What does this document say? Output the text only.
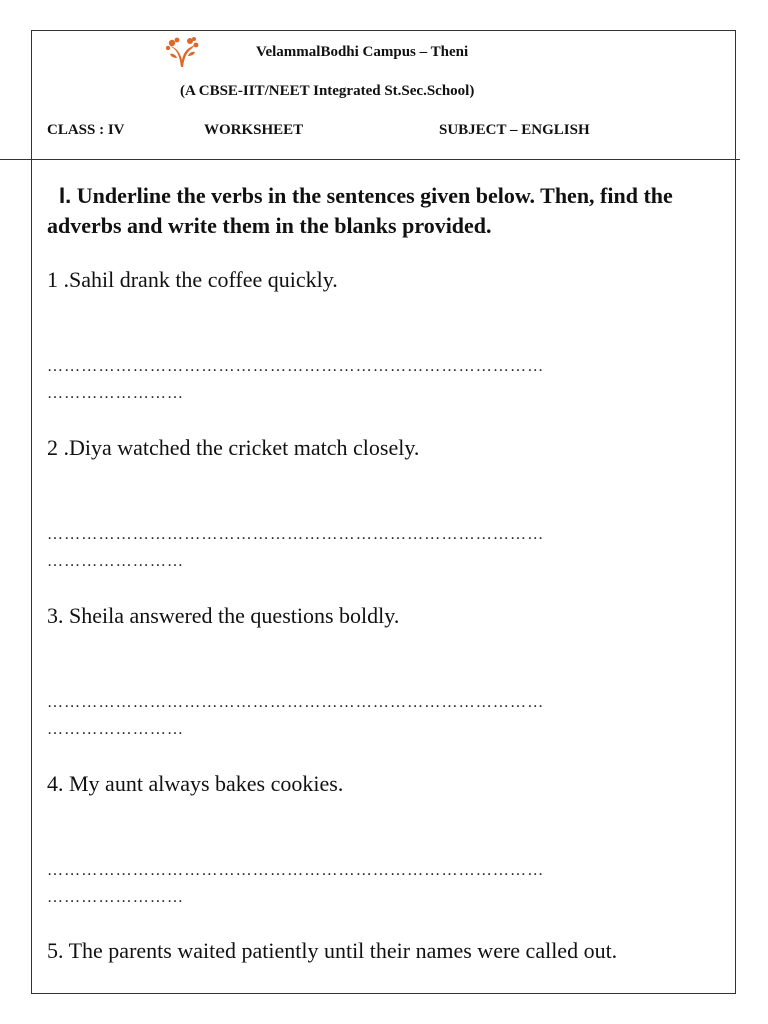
VelammalBodhi Campus – Theni
(A CBSE-IIT/NEET Integrated St.Sec.School)
CLASS : IV	WORKSHEET	SUBJECT – ENGLISH
I. Underline the verbs in the sentences given below. Then, find the adverbs and write them in the blanks provided.
1 .Sahil drank the coffee quickly.
……………………………………………………………………………
……………………
2 .Diya watched the cricket match closely.
……………………………………………………………………………
……………………
3. Sheila answered the questions boldly.
……………………………………………………………………………
……………………
4. My aunt always bakes cookies.
……………………………………………………………………………
……………………
5. The parents waited patiently until their names were called out.
